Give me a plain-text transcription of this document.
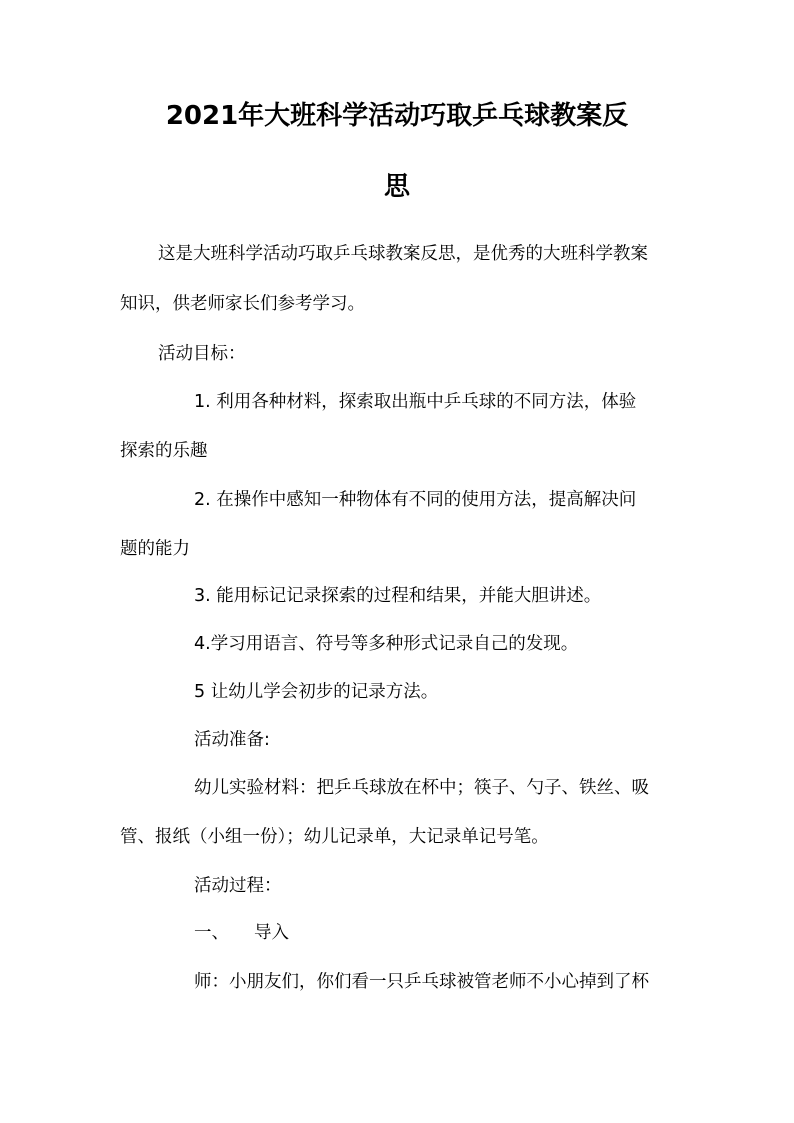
2021年大班科学活动巧取乒乓球教案反
思
这是大班科学活动巧取乒乓球教案反思，是优秀的大班科学教案
知识，供老师家长们参考学习。
活动目标：
1. 利用各种材料，探索取出瓶中乒乓球的不同方法，体验
探索的乐趣
2. 在操作中感知一种物体有不同的使用方法，提高解决问
题的能力
3. 能用标记记录探索的过程和结果，并能大胆讲述。
4.学习用语言、符号等多种形式记录自己的发现。
5 让幼儿学会初步的记录方法。
活动准备:
幼儿实验材料：把乒乓球放在杯中；筷子、勺子、铁丝、吸
管、报纸（小组一份）；幼儿记录单，大记录单记号笔。
活动过程：
一、 导入
师：小朋友们，你们看一只乒乓球被管老师不小心掉到了杯
